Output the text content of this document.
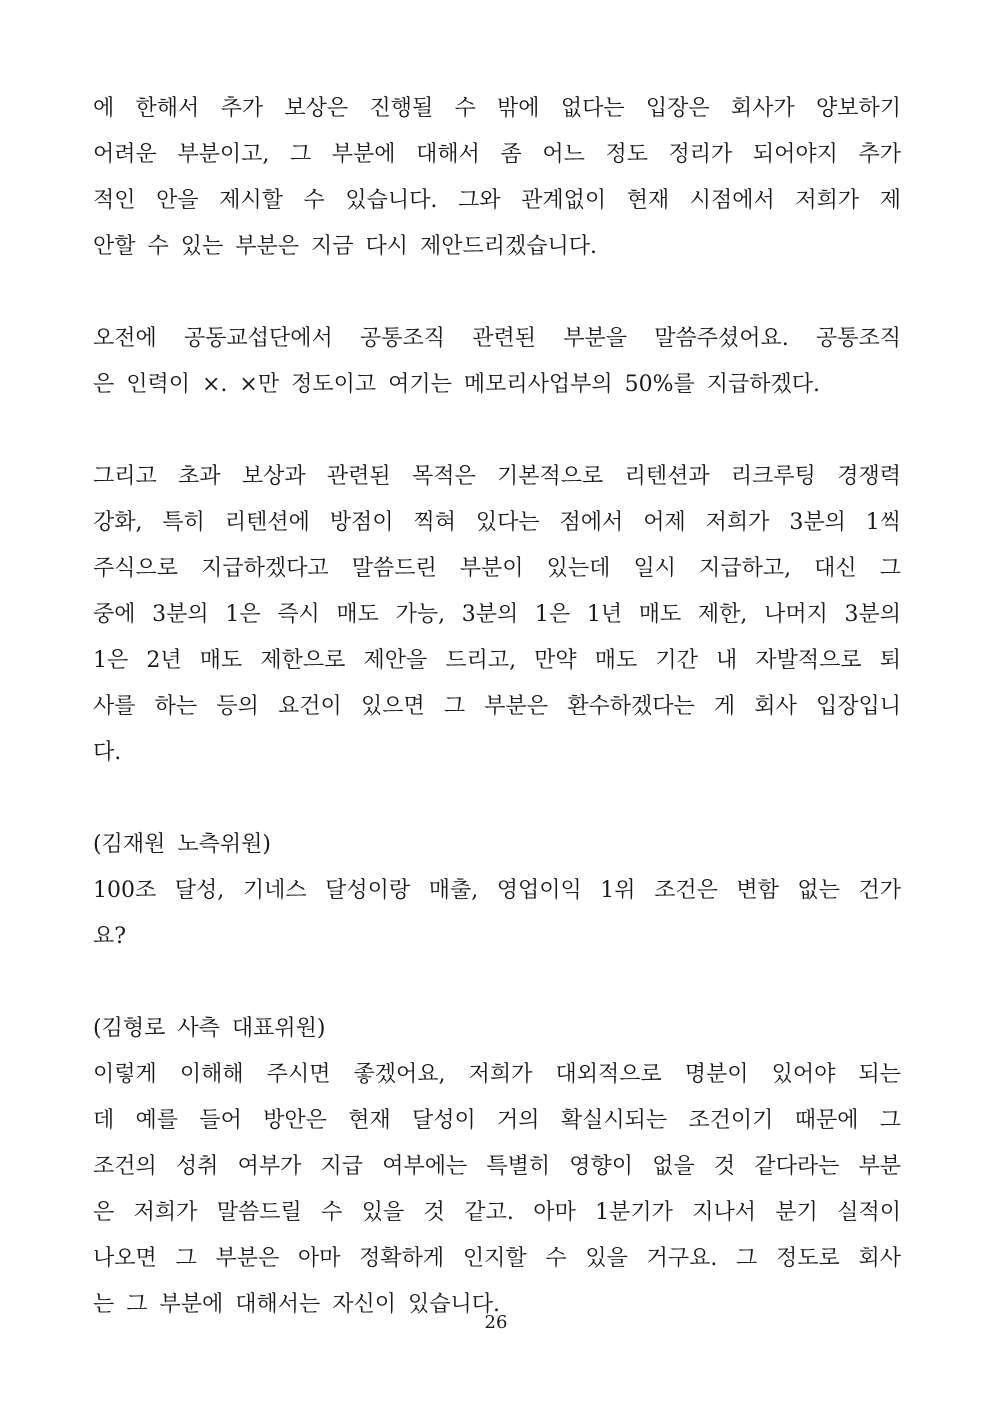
에 한해서 추가 보상은 진행될 수 밖에 없다는 입장은 회사가 양보하기
어려운 부분이고, 그 부분에 대해서 좀 어느 정도 정리가 되어야지 추가
적인 안을 제시할 수 있습니다. 그와 관계없이 현재 시점에서 저희가 제
안할 수 있는 부분은 지금 다시 제안드리겠습니다.
오전에 공동교섭단에서 공통조직 관련된 부분을 말씀주셨어요. 공통조직
은 인력이 ×. ×만 정도이고 여기는 메모리사업부의 50%를 지급하겠다.
그리고 초과 보상과 관련된 목적은 기본적으로 리텐션과 리크루팅 경쟁력
강화, 특히 리텐션에 방점이 찍혀 있다는 점에서 어제 저희가 3분의 1씩
주식으로 지급하겠다고 말씀드린 부분이 있는데 일시 지급하고, 대신 그
중에 3분의 1은 즉시 매도 가능, 3분의 1은 1년 매도 제한, 나머지 3분의
1은 2년 매도 제한으로 제안을 드리고, 만약 매도 기간 내 자발적으로 퇴
사를 하는 등의 요건이 있으면 그 부분은 환수하겠다는 게 회사 입장입니
다.
(김재원 노측위원)
100조 달성, 기네스 달성이랑 매출, 영업이익 1위 조건은 변함 없는 건가
요?
(김형로 사측 대표위원)
이렇게 이해해 주시면 좋겠어요, 저희가 대외적으로 명분이 있어야 되는
데 예를 들어 방안은 현재 달성이 거의 확실시되는 조건이기 때문에 그
조건의 성취 여부가 지급 여부에는 특별히 영향이 없을 것 같다라는 부분
은 저희가 말씀드릴 수 있을 것 같고. 아마 1분기가 지나서 분기 실적이
나오면 그 부분은 아마 정확하게 인지할 수 있을 거구요. 그 정도로 회사
는 그 부분에 대해서는 자신이 있습니다.
26
